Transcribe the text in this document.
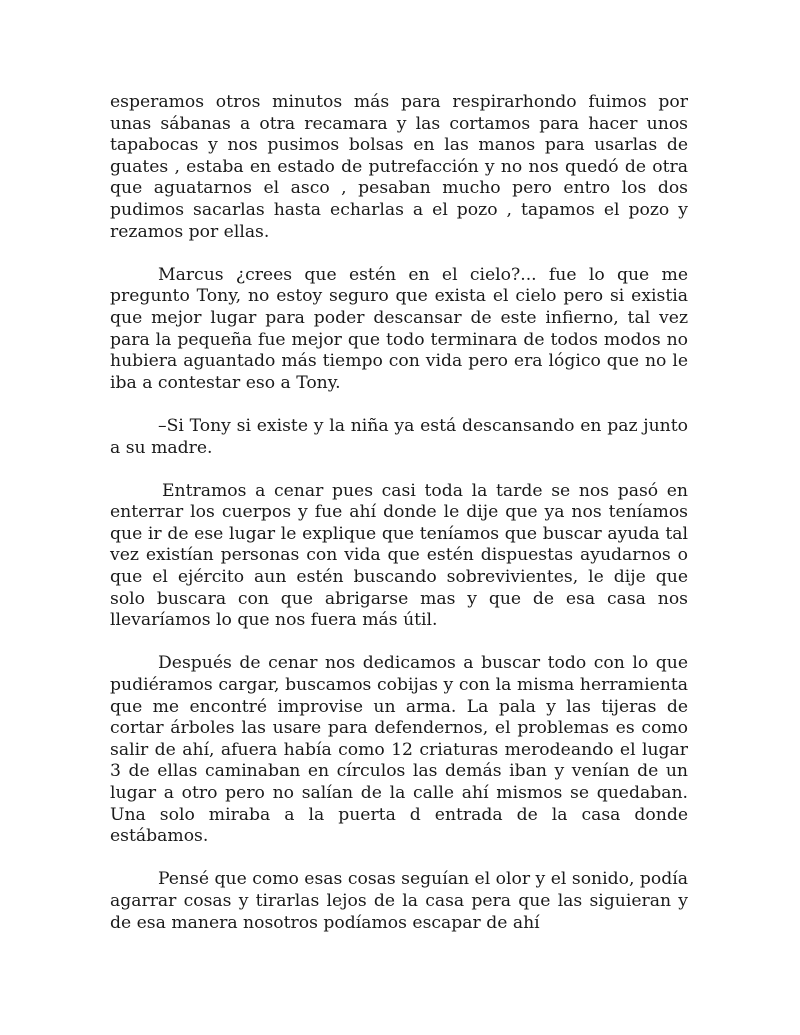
esperamos otros minutos más para respirarhondo fuimos por unas sábanas a otra recamara y las cortamos para hacer unos tapabocas y nos pusimos bolsas en las manos para usarlas de guates , estaba en estado de putrefacción y no nos quedó de otra que aguatarnos el asco , pesaban mucho pero entro los dos pudimos sacarlas hasta echarlas a el pozo , tapamos el pozo y rezamos por ellas.

Marcus ¿crees que estén en el cielo?... fue lo que me pregunto Tony, no estoy seguro que exista el cielo pero si existia que mejor lugar para poder descansar de este infierno, tal vez para la pequeña fue mejor que todo terminara de todos modos no hubiera aguantado más tiempo con vida pero era lógico que no le iba a contestar eso a Tony.

–Si Tony si existe y la niña ya está descansando en paz junto a su madre.

Entramos a cenar pues casi toda la tarde se nos pasó en enterrar los cuerpos y fue ahí donde le dije que ya nos teníamos que ir de ese lugar le explique que teníamos que buscar ayuda tal vez existían personas con vida que estén dispuestas ayudarnos o que el ejército aun estén buscando sobrevivientes, le dije que solo buscara con que abrigarse mas y que de esa casa nos llevaríamos lo que nos fuera más útil.

Después de cenar nos dedicamos a buscar todo con lo que pudiéramos cargar, buscamos cobijas y con la misma herramienta que me encontré improvise un arma. La pala y las tijeras de cortar árboles las usare para defendernos, el problemas es como salir de ahí, afuera había como 12 criaturas merodeando el lugar 3 de ellas caminaban en círculos las demás iban y venían de un lugar a otro pero no salían de la calle ahí mismos se quedaban. Una solo miraba a la puerta d entrada de la casa donde estábamos.

Pensé que como esas cosas seguían el olor y el sonido, podía agarrar cosas y tirarlas lejos de la casa pera que las siguieran y de esa manera nosotros podíamos escapar de ahí
